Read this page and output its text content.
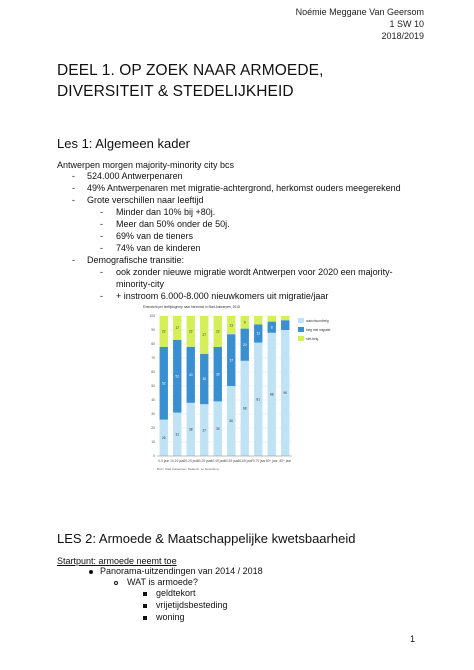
Noémie Meggane Van Geersom
1 SW 10
2018/2019
DEEL 1. OP ZOEK NAAR ARMOEDE,
DIVERSITEIT & STEDELIJKHEID
Les 1: Algemeen kader
Antwerpen morgen majority-minority city bcs
- 524.000 Antwerpenaren
- 49% Antwerpenaren met migratie-achtergrond, herkomst ouders meegerekend
- Grote verschillen naar leeftijd
- Minder dan 10% bij +80j.
- Meer dan 50% onder de 50j.
- 69% van de tieners
- 74% van de kinderen
- Demografische transitie:
- ook zonder nieuwe migratie wordt Antwerpen voor 2020 een majority-
minority-city
- + instroom 6.000-8.000 nieuwkomers uit migratie/jaar
Evenwicht per leeftijdsgroep naar herkomst in Stad Antwerpen, 2018
0
10
20
30
40
50
60
70
80
90
100
26
52
22
0-9 jaar
31
52
17
10-19 jaar
38
40
22
20-29 jaar
37
36
27
30-39 jaar
39
39
22
40-49 jaar
50
37
13
50-59 jaar
68
23
9
60-69 jaar
81
13
70-79 jaar
88
8
80+ jaar
90
80+ jaar
autochtoon/belg
belg met migratie
niet-belg
Bron: Stad Antwerpen, Datamin. en bewerking
LES 2: Armoede & Maatschappelijke kwetsbaarheid
Startpunt: armoede neemt toe
Panorama-uitzendingen van 2014 / 2018
WAT is armoede?
geldtekort
vrijetijdsbesteding
woning
1
